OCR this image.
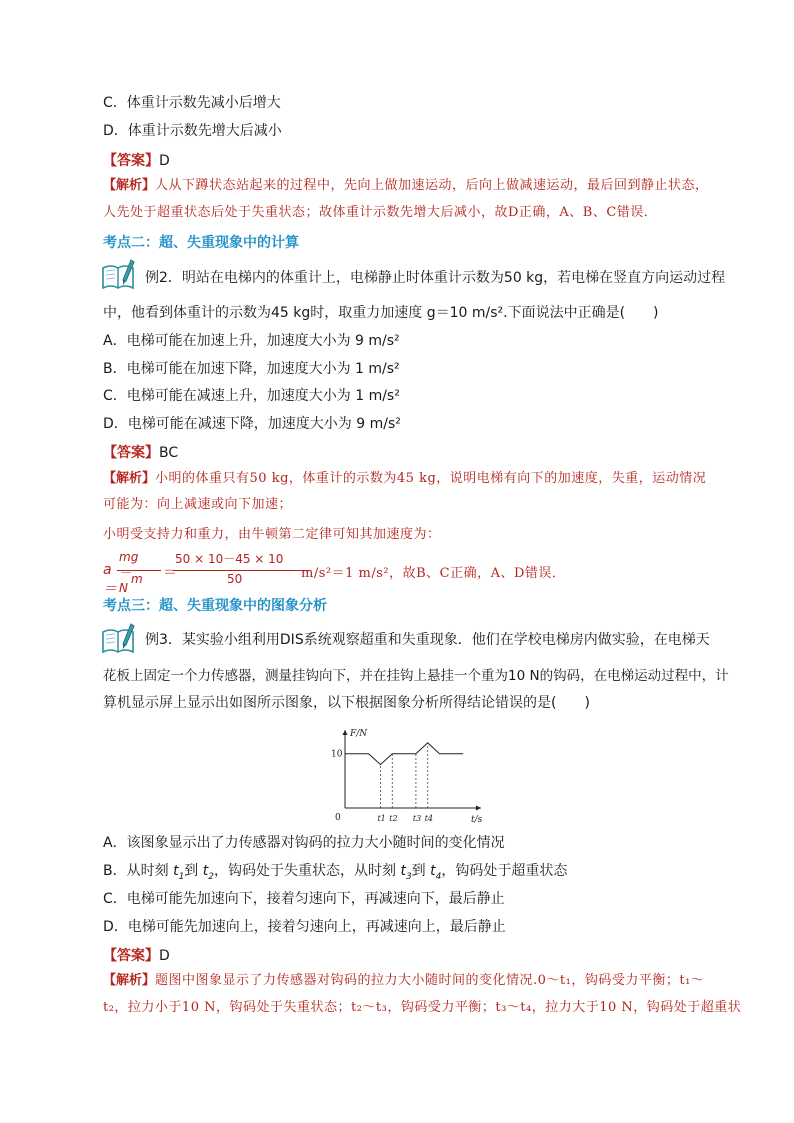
C．体重计示数先减小后增大
D．体重计示数先增大后减小
【答案】D
【解析】人从下蹲状态站起来的过程中，先向上做加速运动，后向上做减速运动，最后回到静止状态，
人先处于超重状态后处于失重状态；故体重计示数先增大后减小，故D正确，A、B、C错误．
考点二：超、失重现象中的计算
例2．明站在电梯内的体重计上，电梯静止时体重计示数为50 kg，若电梯在竖直方向运动过程
中，他看到体重计的示数为45 kg时，取重力加速度 g＝10 m/s².下面说法中正确是(　　)
A．电梯可能在加速上升，加速度大小为 9 m/s²
B．电梯可能在加速下降，加速度大小为 1 m/s²
C．电梯可能在减速上升，加速度大小为 1 m/s²
D．电梯可能在减速下降，加速度大小为 9 m/s²
【答案】BC
【解析】小明的体重只有50 kg，体重计的示数为45 kg，说明电梯有向下的加速度，失重，运动情况
可能为：向上减速或向下加速；
小明受支持力和重力，由牛顿第二定律可知其加速度为：
a＝
mg－N
m ＝
50 × 10－45 × 10
50	m/s²＝1 m/s²，故B、C正确，A、D错误．
考点三：超、失重现象中的图象分析
例3．某实验小组利用DIS系统观察超重和失重现象．他们在学校电梯房内做实验，在电梯天
花板上固定一个力传感器，测量挂钩向下，并在挂钩上悬挂一个重为10 N的钩码，在电梯运动过程中，计
算机显示屏上显示出如图所示图象，以下根据图象分析所得结论错误的是(　　)
F/N
t/s
0
10
t1 t2 t3 t4
A．该图象显示出了力传感器对钩码的拉力大小随时间的变化情况
B．从时刻 $t_1$到 $t_2$，钩码处于失重状态，从时刻 $t_3$到 $t_4$，钩码处于超重状态
C．电梯可能先加速向下，接着匀速向下，再减速向下，最后静止
D．电梯可能先加速向上，接着匀速向上，再减速向上，最后静止
【答案】D
【解析】题图中图象显示了力传感器对钩码的拉力大小随时间的变化情况.0～t₁，钩码受力平衡；t₁～
t₂，拉力小于10 N，钩码处于失重状态；t₂～t₃，钩码受力平衡；t₃～t₄，拉力大于10 N，钩码处于超重状
